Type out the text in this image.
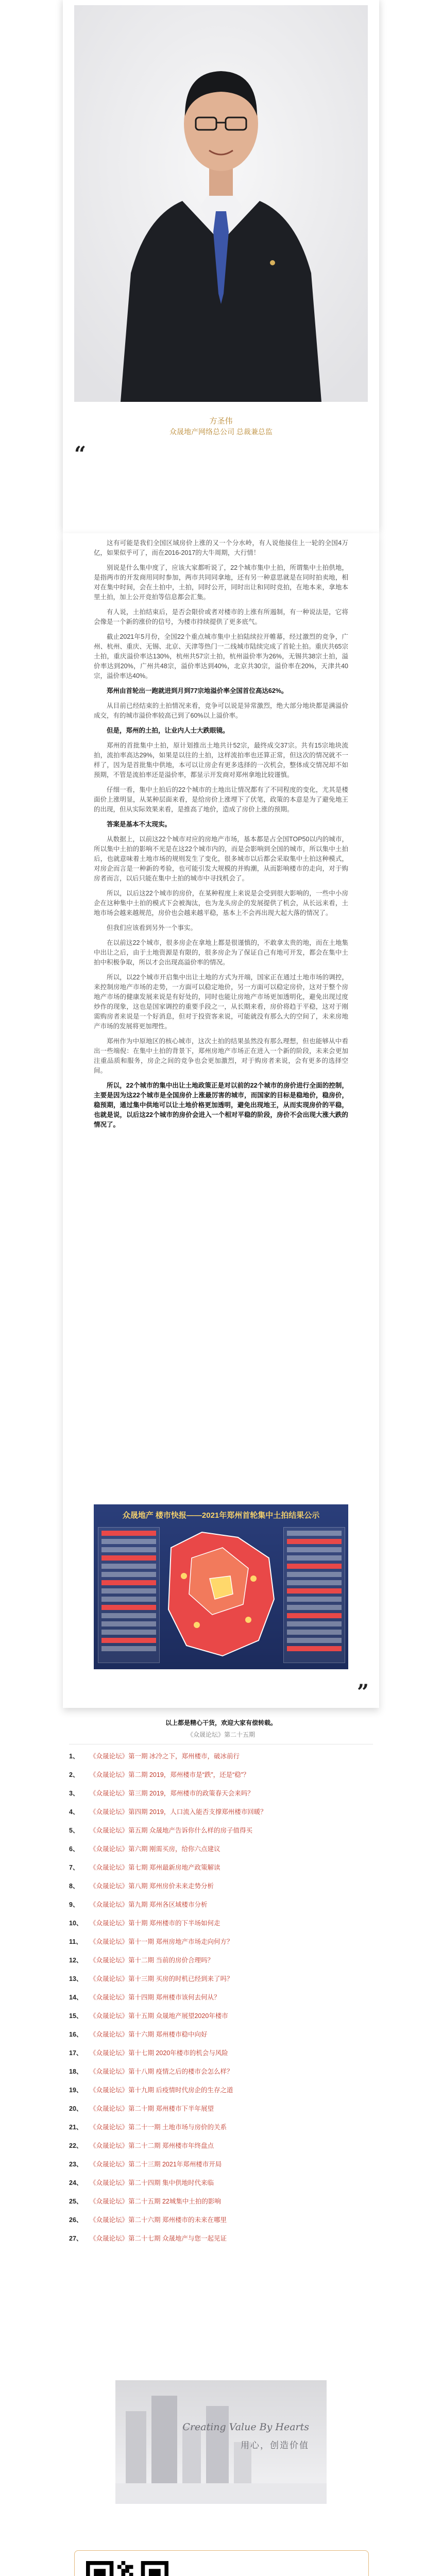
方圣伟
众晟地产网络总公司 总裁兼总监
“

这有可能是我们全国区域房价上涨的又一个分水岭，有人说他接住上一轮的全国4万亿，如果似乎可了，而在2016-2017的大牛周期，大行情！

别说是什么集中度了，应该大家都听说了，22个城市集中土拍，所谓集中土拍供地，是指两市的开发商用同时参加，两市共同同拿地，还有另一种意思就是在同时拍卖地，相对在集中时间，会在土拍中，土拍，同时公开，同时出让和同时竞拍，在地本来，拿地本里土拍，加上公开竞拍等信息都会汇集。

有人说，土拍结束后，是否会限价或者对楼市的上涨有所遏制，有一种说法是，它将会像是一个新的涨价的信号，为楼市持续提供了更多底气。

截止2021年5月份，全国22个重点城市集中土拍陆续拉开帷幕，经过激烈的竞争，广州、杭州、重庆、无锡、北京、天津等热门一二线城市陆续完成了首轮土拍。重庆共65宗土拍，重庆溢价率达130%，杭州共57宗土拍，杭州溢价率为26%，无锡共38宗土拍，溢价率达到20%，广州共48宗，溢价率达到40%，北京共30宗，溢价率在20%，天津共40宗，溢价率达40%。

郑州由首轮出一跑就进到月到77宗地溢价率全国首位高达62%。

从目前已经结束的土拍情况来看，竞争可以说是异常激烈，绝大部分地块都是满溢价成交，有的城市溢价率较高已到了60%以上溢价率。

但是，郑州的土拍，让业内人士大跌眼镜。

郑州的首批集中土拍，原计划推出土地共计52宗，最终成交37宗。共有15宗地块流拍，流拍率高达29%，如果是以往的土拍，这样流拍率也还算正常，但这次的情况就不一样了，因为是首批集中供地，本可以让房企有更多选择的一次机会，整体成交情况却不如预期，不管是流拍率还是溢价率，都显示开发商对郑州拿地比较谨慎。

仔细一看，集中土拍后的22个城市的土地出让情况都有了不同程度的变化，尤其是楼面价上涨明显，从某种层面来看，是给房价上涨埋下了伏笔，政策的本意是为了避免地王的出现，但从实际效果来看，是推高了地价，造成了房价上涨的预期。

答案是基本不太现实。

从数据上，以前这22个城市对应的房地产市场，基本都是占全国TOP50以内的城市，所以集中土拍的影响不光是在这22个城市内的，而是会影响到全国的城市，所以集中土拍后，也就意味着土地市场的规则发生了变化，很多城市以后都会采取集中土拍这种模式，对房企而言是一种新的考验，也可能引发大规模的并购潮，从而影响楼市的走向，对于购房者而言，以后只能在集中土拍的城市中寻找机会了。

所以，以后这22个城市的房价，在某种程度上来说是会受到很大影响的，一些中小房企在这种集中土拍的模式下会被淘汰，也为龙头房企的发展提供了机会，从长远来看，土地市场会越来越规范，房价也会越来越平稳，基本上不会再出现大起大落的情况了。

但我们应该看到另外一个事实。

在以前这22个城市，很多房企在拿地上都是很谨慎的，不敢拿太贵的地，而在土地集中出让之后，由于土地资源是有限的，很多房企为了保证自己有地可开发，都会在集中土拍中积极争取，所以才会出现高溢价率的情况。

所以，以22个城市开启集中出让土地的方式为开端，国家正在通过土地市场的调控，来控制房地产市场的走势，一方面可以稳定地价，另一方面可以稳定房价，这对于整个房地产市场的健康发展来说是有好处的，同时也能让房地产市场更加透明化，避免出现过度炒作的现象，这也是国家调控的重要手段之一，从长期来看，房价将趋于平稳，这对于刚需购房者来说是一个好消息，但对于投资客来说，可能就没有那么大的空间了，未来房地产市场的发展将更加理性。

郑州作为中原地区的核心城市，这次土拍的结果虽然没有那么理想，但也能够从中看出一些端倪：在集中土拍的背景下，郑州房地产市场正在进入一个新的阶段，未来会更加注重品质和服务，房企之间的竞争也会更加激烈，对于购房者来说，会有更多的选择空间。

所以，22个城市的集中出让土地政策正是对以前的22个城市的房价进行全面的控制，主要是因为这22个城市是全国房价上涨最厉害的城市，而国家的目标是稳地价，稳房价，稳预期，通过集中供地可以让土地价格更加透明，避免出现地王，从而实现房价的平稳，也就是说，以后这22个城市的房价会进入一个相对平稳的阶段，房价不会出现大涨大跌的情况了。

众晟地产 楼市快报——2021年郑州首轮集中土拍结果公示
”
以上都是精心干货，欢迎大家有偿转载。
《众晟论坛》第二十五期
1、	《众晟论坛》第一期 冰冷之下，郑州楼市，破冰前行
2、	《众晟论坛》第二期 2019，郑州楼市是“跌”，还是“稳”？
3、	《众晟论坛》第三期 2019，郑州楼市的政策春天会来吗？
4、	《众晟论坛》第四期 2019，人口流入能否支撑郑州楼市回暖？
5、	《众晟论坛》第五期 众晟地产告诉你什么样的房子值得买
6、	《众晟论坛》第六期 刚需买房，给你六点建议
7、	《众晟论坛》第七期 郑州最新房地产政策解读
8、	《众晟论坛》第八期 郑州房价未来走势分析
9、	《众晟论坛》第九期 郑州各区域楼市分析
10、	《众晟论坛》第十期 郑州楼市的下半场如何走
11、	《众晟论坛》第十一期 郑州房地产市场走向何方？
12、	《众晟论坛》第十二期 当前的房价合理吗？
13、	《众晟论坛》第十三期 买房的时机已经到来了吗？
14、	《众晟论坛》第十四期 郑州楼市该何去何从？
15、	《众晟论坛》第十五期 众晟地产展望2020年楼市
16、	《众晟论坛》第十六期 郑州楼市稳中向好
17、	《众晟论坛》第十七期 2020年楼市的机会与风险
18、	《众晟论坛》第十八期 疫情之后的楼市会怎么样？
19、	《众晟论坛》第十九期 后疫情时代房企的生存之道
20、	《众晟论坛》第二十期 郑州楼市下半年展望
21、	《众晟论坛》第二十一期 土地市场与房价的关系
22、	《众晟论坛》第二十二期 郑州楼市年终盘点
23、	《众晟论坛》第二十三期 2021年郑州楼市开局
24、	《众晟论坛》第二十四期 集中供地时代来临
25、	《众晟论坛》第二十五期 22城集中土拍的影响
26、	《众晟论坛》第二十六期 郑州楼市的未来在哪里
27、	《众晟论坛》第二十七期 众晟地产与您一起见证
Creating Value By Hearts
用心，创造价值
